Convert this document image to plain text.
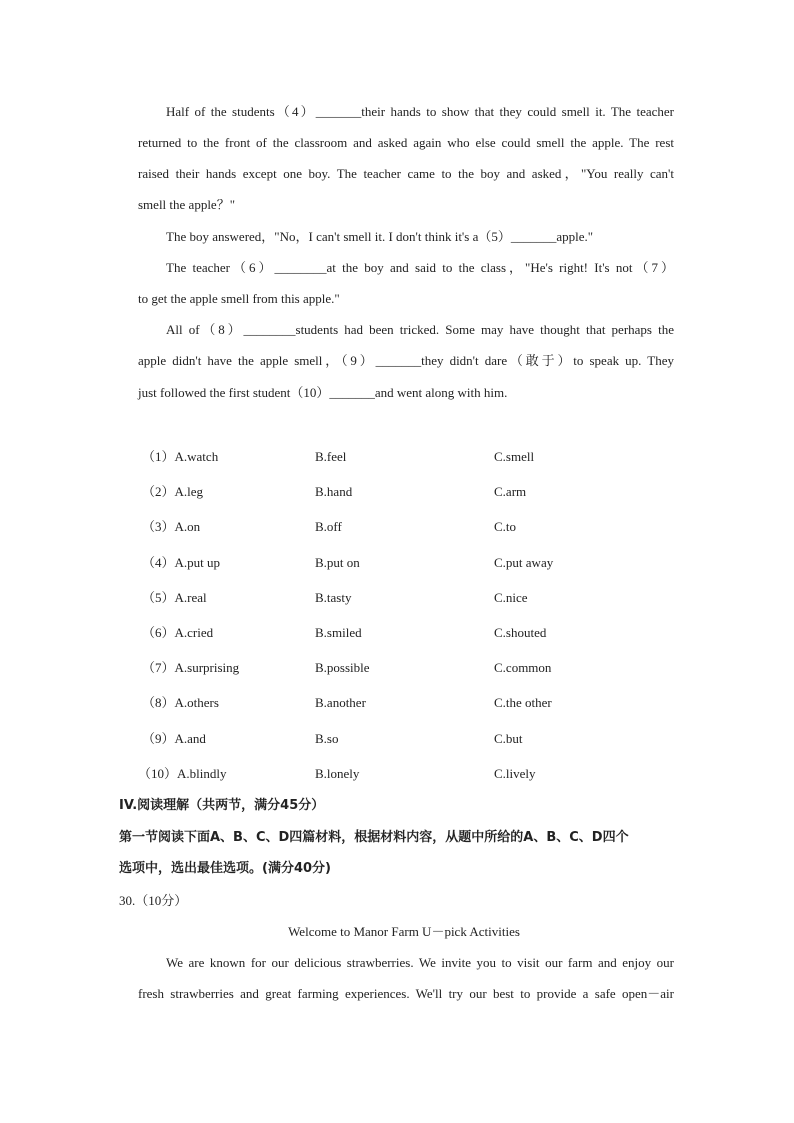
Half of the students（4）_______their hands to show that they could smell it. The teacher
returned to the front of the classroom and asked again who else could smell the apple. The rest
raised their hands except one boy. The teacher came to the boy and asked，"You really can't
smell the apple？"
The boy answered，"No，I can't smell it. I don't think it's a（5）_______apple."
The teacher（6）________at the boy and said to the class，"He's right! It's not（7）
to get the apple smell from this apple."
All of（8）________students had been tricked. Some may have thought that perhaps the
apple didn't have the apple smell，（9）_______they didn't dare（敢于）to speak up. They
just followed the first student（10）_______and went along with him.
（1）A.watch	B.feel	C.smell
（2）A.leg	B.hand	C.arm
（3）A.on	B.off	C.to
（4）A.put up	B.put on	C.put away
（5）A.real	B.tasty	C.nice
（6）A.cried	B.smiled	C.shouted
（7）A.surprising	B.possible	C.common
（8）A.others	B.another	C.the other
（9）A.and	B.so	C.but
（10）A.blindly	B.lonely	C.lively
IV.阅读理解（共两节，满分45分）
第一节阅读下面A、B、C、D四篇材料，根据材料内容，从题中所给的A、B、C、D四个
选项中，选出最佳选项。(满分40分)
30.（10分）
Welcome to Manor Farm U－pick Activities
We are known for our delicious strawberries. We invite you to visit our farm and enjoy our
fresh strawberries and great farming experiences. We'll try our best to provide a safe open－air
